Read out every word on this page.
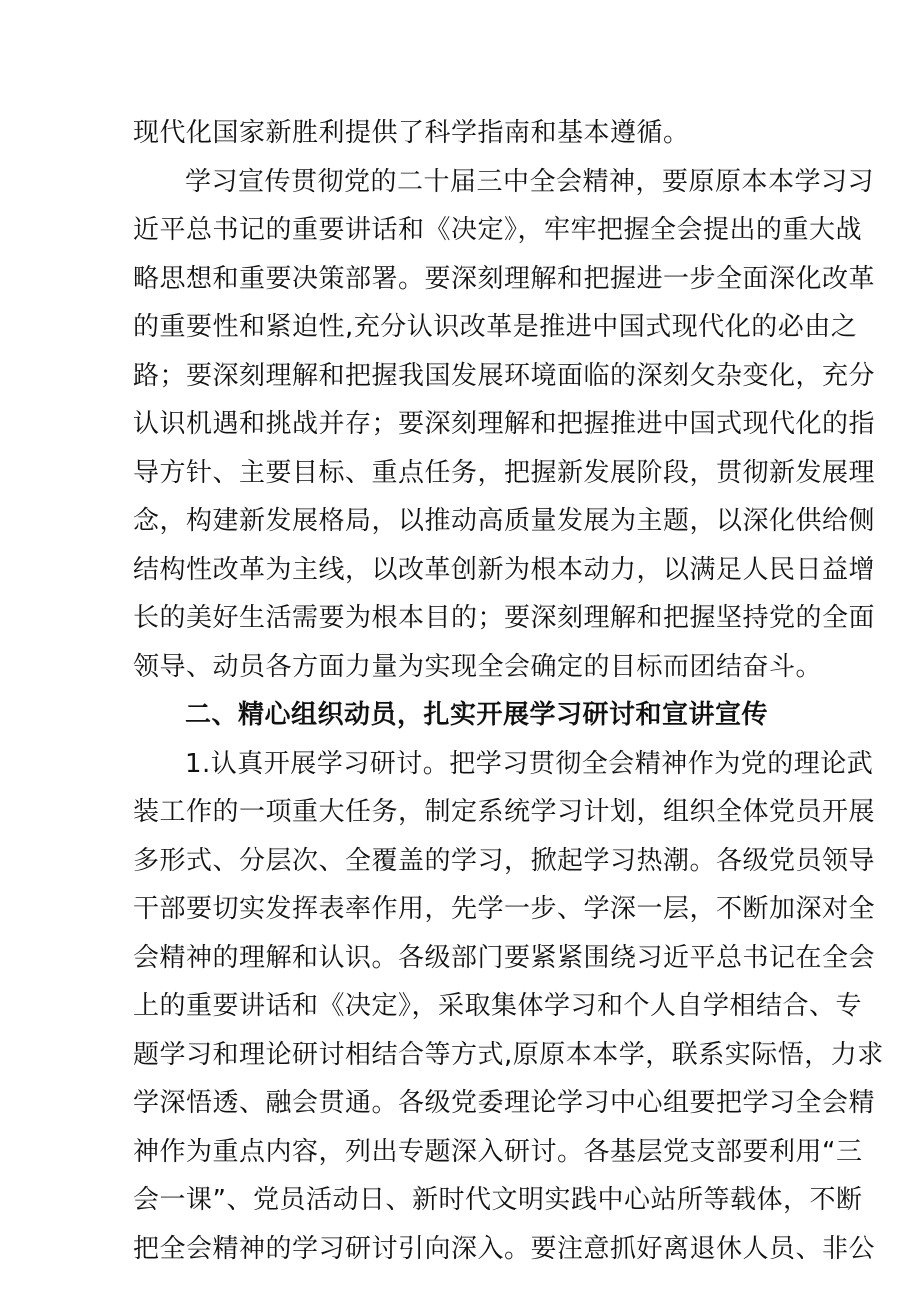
现代化国家新胜利提供了科学指南和基本遵循。
学习宣传贯彻党的二十届三中全会精神，要原原本本学习习
近平总书记的重要讲话和《决定》，牢牢把握全会提出的重大战
略思想和重要决策部署。要深刻理解和把握进一步全面深化改革
的重要性和紧迫性,充分认识改革是推进中国式现代化的必由之
路；要深刻理解和把握我国发展环境面临的深刻攵杂变化，充分
认识机遇和挑战并存；要深刻理解和把握推进中国式现代化的指
导方针、主要目标、重点任务，把握新发展阶段，贯彻新发展理
念，构建新发展格局，以推动高质量发展为主题，以深化供给侧
结构性改革为主线，以改革创新为根本动力，以满足人民日益增
长的美好生活需要为根本目的；要深刻理解和把握坚持党的全面
领导、动员各方面力量为实现全会确定的目标而团结奋斗。
二、精心组织动员，扎实开展学习研讨和宣讲宣传
1.认真开展学习研讨。把学习贯彻全会精神作为党的理论武
装工作的一项重大任务，制定系统学习计划，组织全体党员开展
多形式、分层次、全覆盖的学习，掀起学习热潮。各级党员领导
干部要切实发挥表率作用，先学一步、学深一层，不断加深对全
会精神的理解和认识。各级部门要紧紧围绕习近平总书记在全会
上的重要讲话和《决定》，采取集体学习和个人自学相结合、专
题学习和理论研讨相结合等方式,原原本本学，联系实际悟，力求
学深悟透、融会贯通。各级党委理论学习中心组要把学习全会精
神作为重点内容，列出专题深入研讨。各基层党支部要利用“三
会一课”、党员活动日、新时代文明实践中心站所等载体，不断
把全会精神的学习研讨引向深入。要注意抓好离退休人员、非公
